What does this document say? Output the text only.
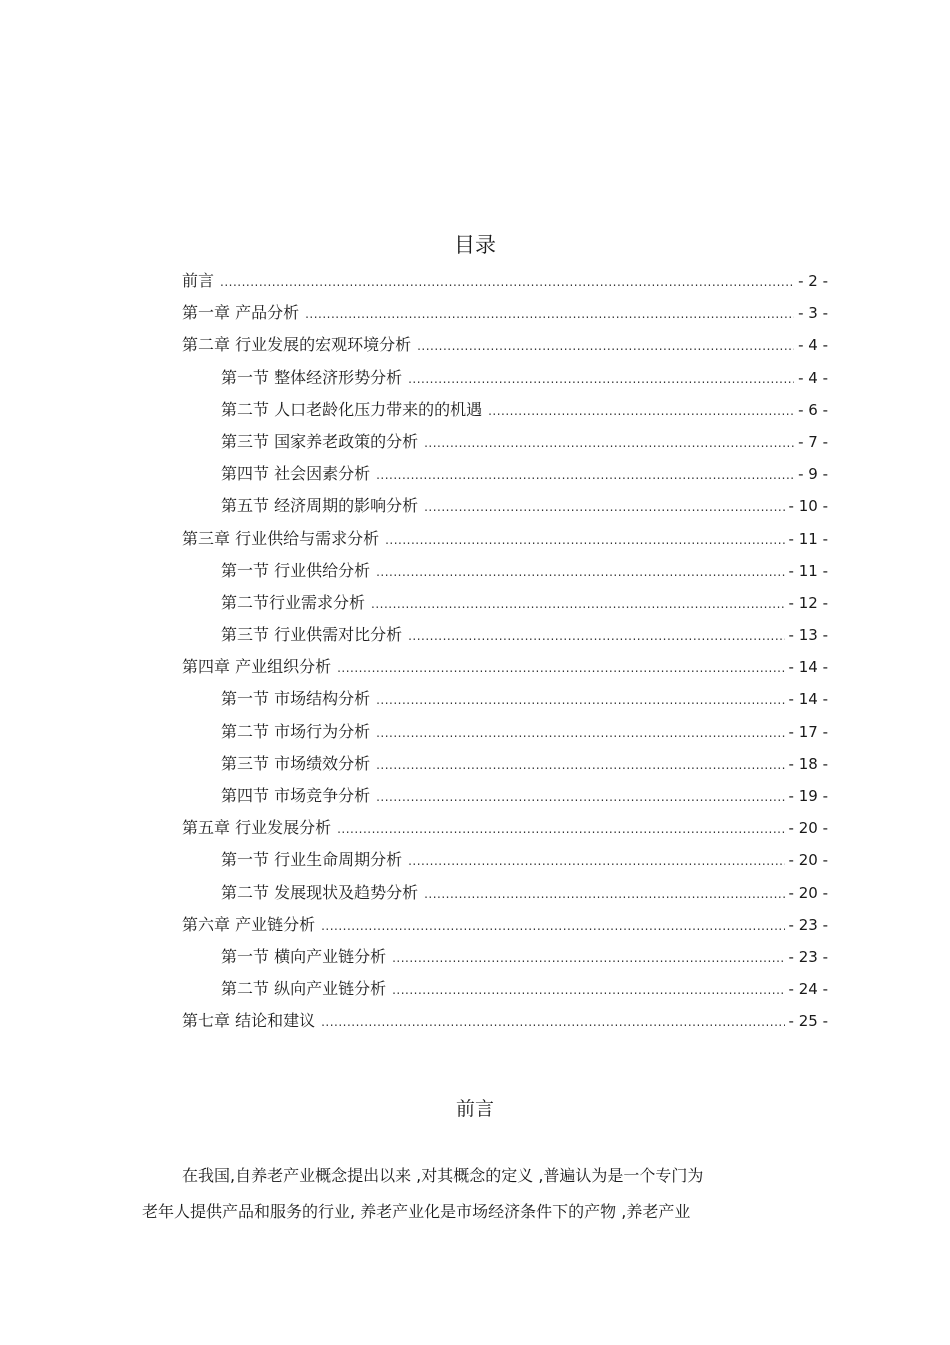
目录
前言 .....	- 2 -
第一章 产品分析 .....	- 3 -
第二章 行业发展的宏观环境分析 .....	- 4 -
第一节 整体经济形势分析 .....	- 4 -
第二节 人口老龄化压力带来的的机遇 .....	- 6 -
第三节 国家养老政策的分析 .....	- 7 -
第四节 社会因素分析 .....	- 9 -
第五节 经济周期的影响分析 .....	- 10 -
第三章 行业供给与需求分析 .....	- 11 -
第一节 行业供给分析 .....	- 11 -
第二节行业需求分析 .....	- 12 -
第三节 行业供需对比分析 .....	- 13 -
第四章 产业组织分析 .....	- 14 -
第一节 市场结构分析 .....	- 14 -
第二节 市场行为分析 .....	- 17 -
第三节 市场绩效分析 .....	- 18 -
第四节 市场竞争分析 .....	- 19 -
第五章 行业发展分析 .....	- 20 -
第一节 行业生命周期分析 .....	- 20 -
第二节 发展现状及趋势分析 .....	- 20 -
第六章 产业链分析 .....	- 23 -
第一节 横向产业链分析 .....	- 23 -
第二节 纵向产业链分析 .....	- 24 -
第七章 结论和建议 .....	- 25 -
前言
在我国,自养老产业概念提出以来 ,对其概念的定义 ,普遍认为是一个专门为
老年人提供产品和服务的行业, 养老产业化是市场经济条件下的产物 ,养老产业
